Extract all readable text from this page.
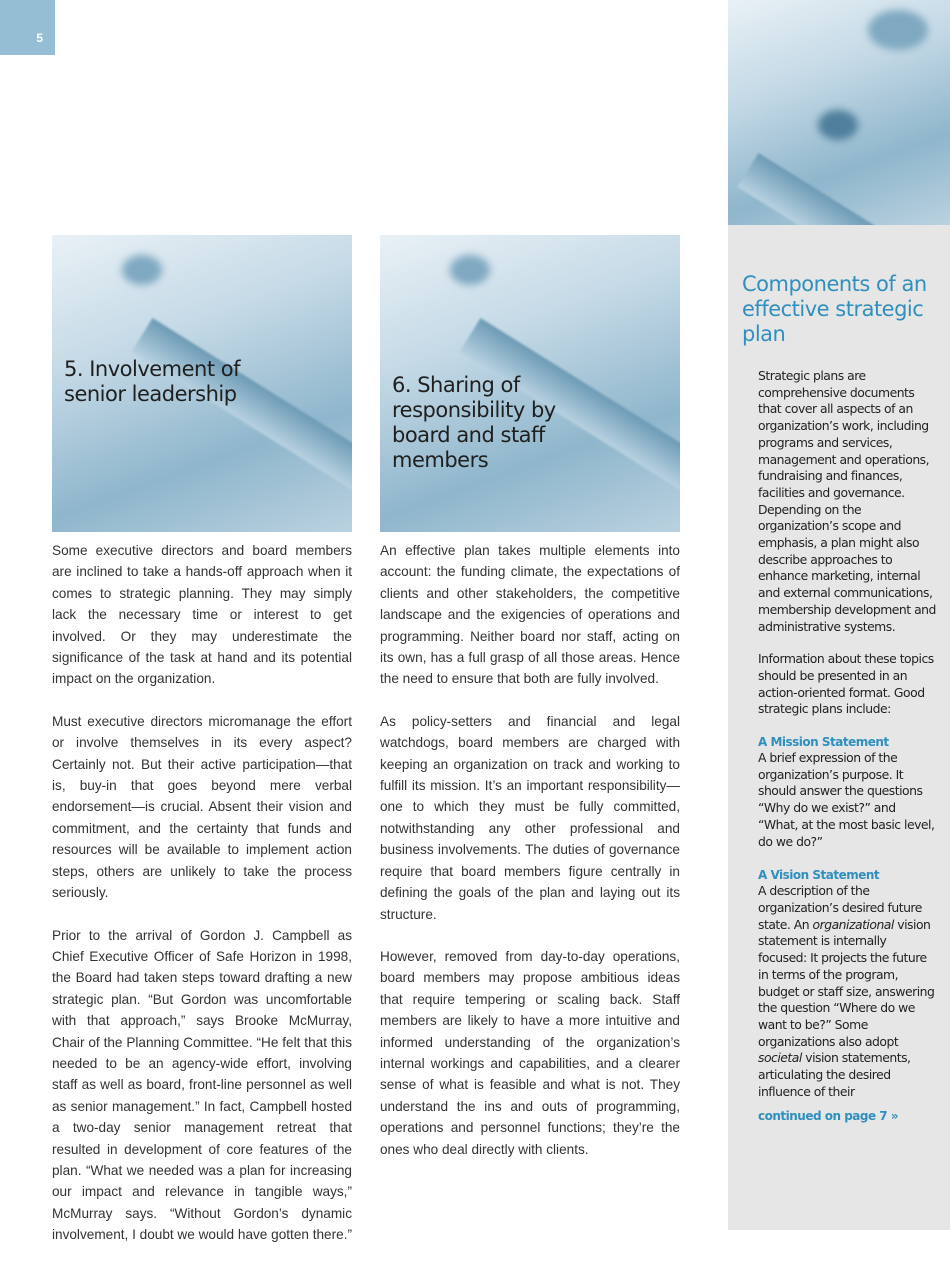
5
5. Involvement of senior leadership	6. Sharing of responsibility by board and staff members

Some executive directors and board members are inclined to take a hands-off approach when it comes to strategic planning. They may simply lack the necessary time or interest to get involved. Or they may underestimate the significance of the task at hand and its potential impact on the organization.

Must executive directors micromanage the effort or involve themselves in its every aspect? Certainly not. But their active participation—that is, buy-in that goes beyond mere verbal endorsement—is crucial. Absent their vision and commitment, and the certainty that funds and resources will be available to implement action steps, others are unlikely to take the process seriously.

Prior to the arrival of Gordon J. Campbell as Chief Executive Officer of Safe Horizon in 1998, the Board had taken steps toward drafting a new strategic plan. “But Gordon was uncomfortable with that approach,” says Brooke McMurray, Chair of the Planning Committee. “He felt that this needed to be an agency-wide effort, involving staff as well as board, front-line personnel as well as senior management.” In fact, Campbell hosted a two-day senior management retreat that resulted in development of core features of the plan. “What we needed was a plan for increasing our impact and relevance in tangible ways,” McMurray says. “Without Gordon’s dynamic involvement, I doubt we would have gotten there.”

An effective plan takes multiple elements into account: the funding climate, the expectations of clients and other stakeholders, the competitive landscape and the exigencies of operations and programming. Neither board nor staff, acting on its own, has a full grasp of all those areas. Hence the need to ensure that both are fully involved.

As policy-setters and financial and legal watchdogs, board members are charged with keeping an organization on track and working to fulfill its mission. It’s an important responsibility—one to which they must be fully committed, notwithstanding any other professional and business involvements. The duties of governance require that board members figure centrally in defining the goals of the plan and laying out its structure.

However, removed from day-to-day operations, board members may propose ambitious ideas that require tempering or scaling back. Staff members are likely to have a more intuitive and informed understanding of the organization’s internal workings and capabilities, and a clearer sense of what is feasible and what is not. They understand the ins and outs of programming, operations and personnel functions; they’re the ones who deal directly with clients.

Components of an effective strategic plan

Strategic plans are comprehensive documents that cover all aspects of an organization’s work, including programs and services, management and operations, fundraising and finances, facilities and governance. Depending on the organization’s scope and emphasis, a plan might also describe approaches to enhance marketing, internal and external communications, membership development and administrative systems.

Information about these topics should be presented in an action-oriented format. Good strategic plans include:

A Mission Statement

A brief expression of the organization’s purpose. It should answer the questions “Why do we exist?” and “What, at the most basic level, do we do?”

A Vision Statement

A description of the organization’s desired future state. An organizational vision statement is internally focused: It projects the future in terms of the program, budget or staff size, answering the question “Where do we want to be?” Some organizations also adopt societal vision statements, articulating the desired influence of their

continued on page 7 »
